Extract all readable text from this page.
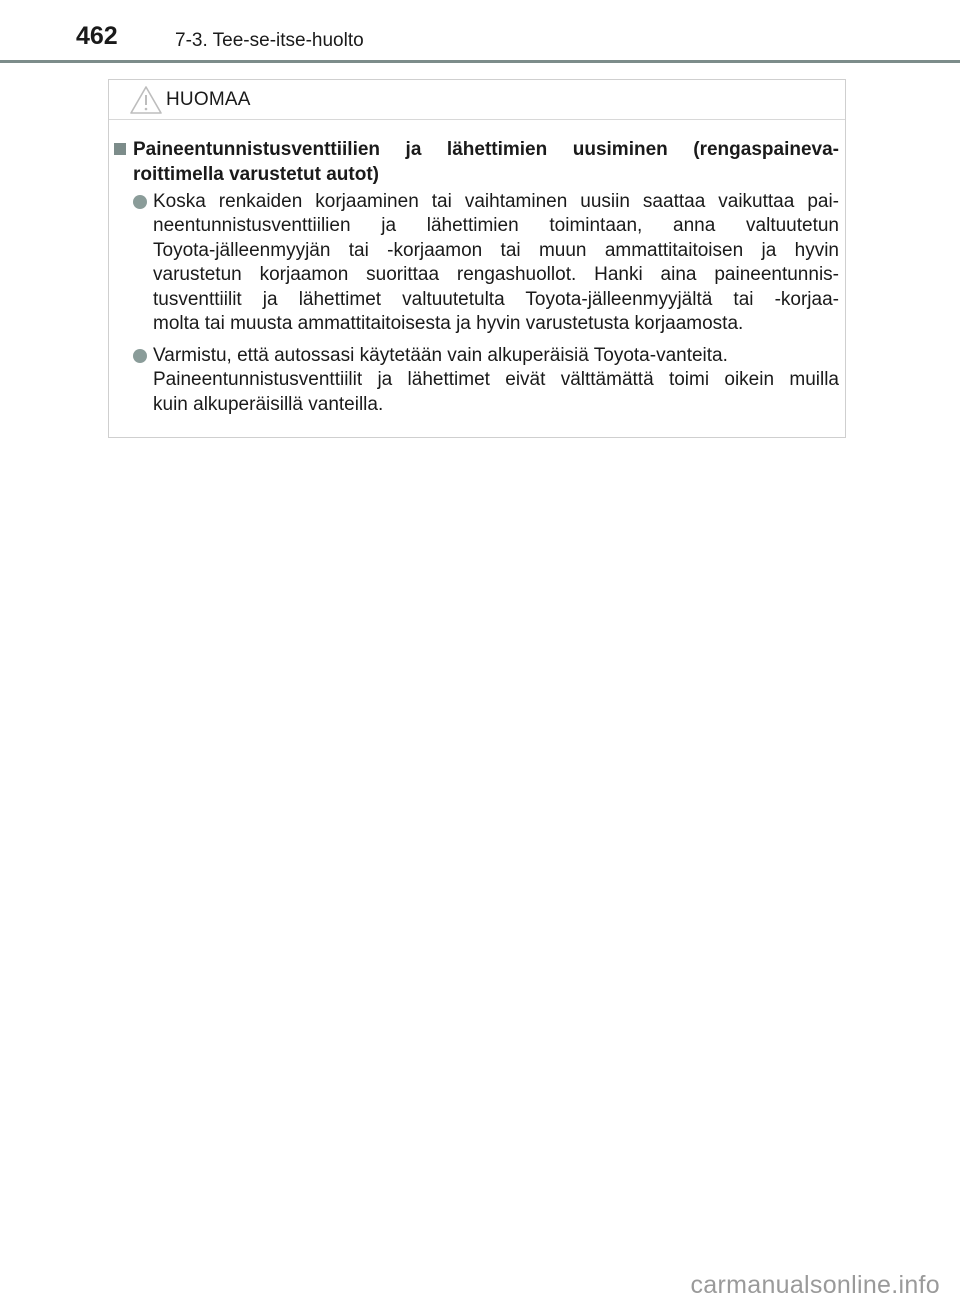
462	7-3. Tee-se-itse-huolto
HUOMAA
Paineentunnistusventtiilien ja lähettimien uusiminen (rengaspaineva-
roittimella varustetut autot)
Koska renkaiden korjaaminen tai vaihtaminen uusiin saattaa vaikuttaa pai-
neentunnistusventtiilien ja lähettimien toimintaan, anna valtuutetun
Toyota-jälleenmyyjän tai -korjaamon tai muun ammattitaitoisen ja hyvin
varustetun korjaamon suorittaa rengashuollot. Hanki aina paineentunnis-
tusventtiilit ja lähettimet valtuutetulta Toyota-jälleenmyyjältä tai -korjaa-
molta tai muusta ammattitaitoisesta ja hyvin varustetusta korjaamosta.
Varmistu, että autossasi käytetään vain alkuperäisiä Toyota-vanteita.
Paineentunnistusventtiilit ja lähettimet eivät välttämättä toimi oikein muilla
kuin alkuperäisillä vanteilla.
carmanualsonline.info
